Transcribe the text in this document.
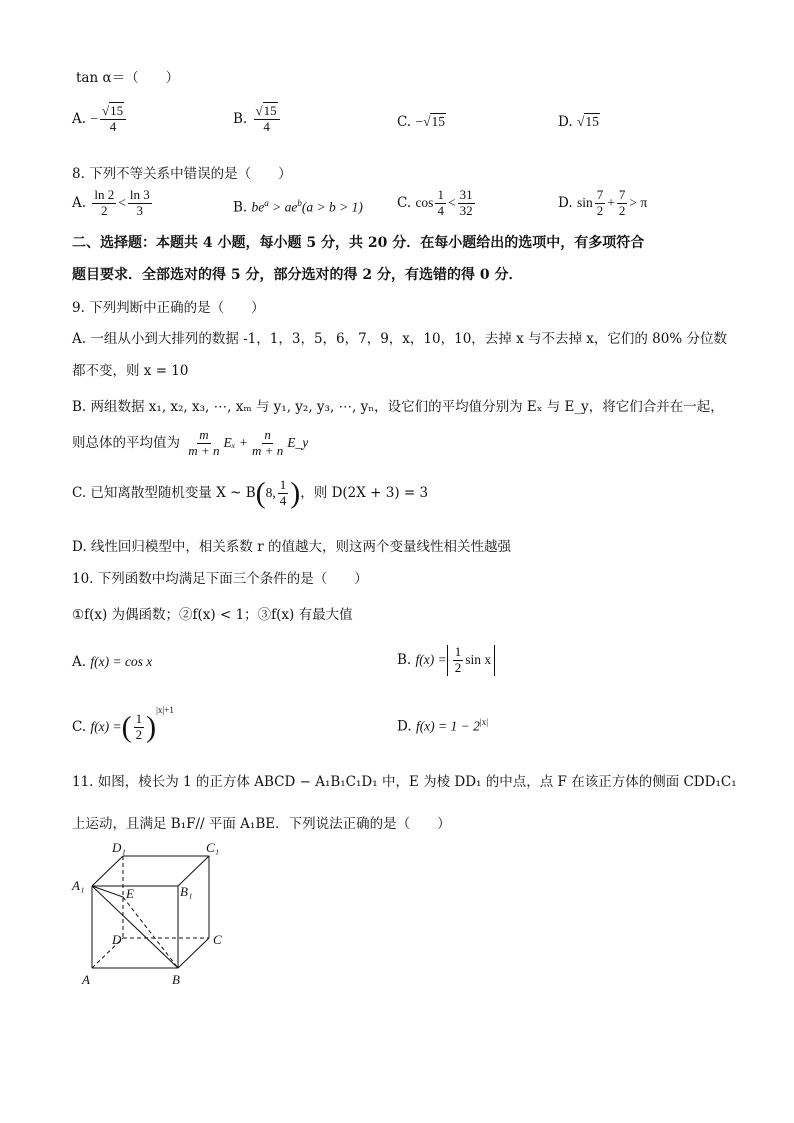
tan α＝（　　）
A. − $\frac{√15}{4}$	B. $\frac{√15}{4}$	C. −√15	D. √15
8. 下列不等关系中错误的是（　　）
A. $\frac{\ln 2}{2} < \frac{\ln 3}{3}$	B. $be^a > ae^b(a > b > 1)$	C. $\cos \frac{1}{4} < \frac{31}{32}$	D. $\sin \frac{7}{2} + \frac{7}{2} > \pi$
二、选择题：本题共 4 小题，每小题 5 分，共 20 分．在每小题给出的选项中，有多项符合
题目要求．全部选对的得 5 分，部分选对的得 2 分，有选错的得 0 分．
9. 下列判断中正确的是（　　）
A. 一组从小到大排列的数据 -1，1，3，5，6，7，9，x，10，10，去掉 x 与不去掉 x，它们的 80% 分位数
都不变，则 x = 10
B. 两组数据 x₁, x₂, x₃, ⋯, xₘ 与 y₁, y₂, y₃, ⋯, yₙ，设它们的平均值分别为 Eₓ 与 E_y，将它们合并在一起，
则总体的平均值为 $\frac{m}{m + n}$ $E_x + \frac{n}{m + n}$ E_y
C. 已知离散型随机变量 X ~ B(8, $\frac{1}{4}$ )，则 D(2X + 3) = 3
D. 线性回归模型中，相关系数 r 的值越大，则这两个变量线性相关性越强
10. 下列函数中均满足下面三个条件的是（　　）
①f(x) 为偶函数；②f(x) < 1；③f(x) 有最大值
A. f(x) = cos x	B. $f(x) = \frac{1}{2}$ sin x
C. f(x) =( $\frac{1}{2} )^{|x|+1}$
D. $f(x) = 1 - 2^{|x|}$
11. 如图，棱长为 1 的正方体 ABCD − A₁B₁C₁D₁ 中，E 为棱 DD₁ 的中点，点 F 在该正方体的侧面 CDD₁C₁
上运动，且满足 B₁F// 平面 A₁BE．下列说法正确的是（　　）
D₁	C₁
A₁	B₁
E
D	C
A	B
